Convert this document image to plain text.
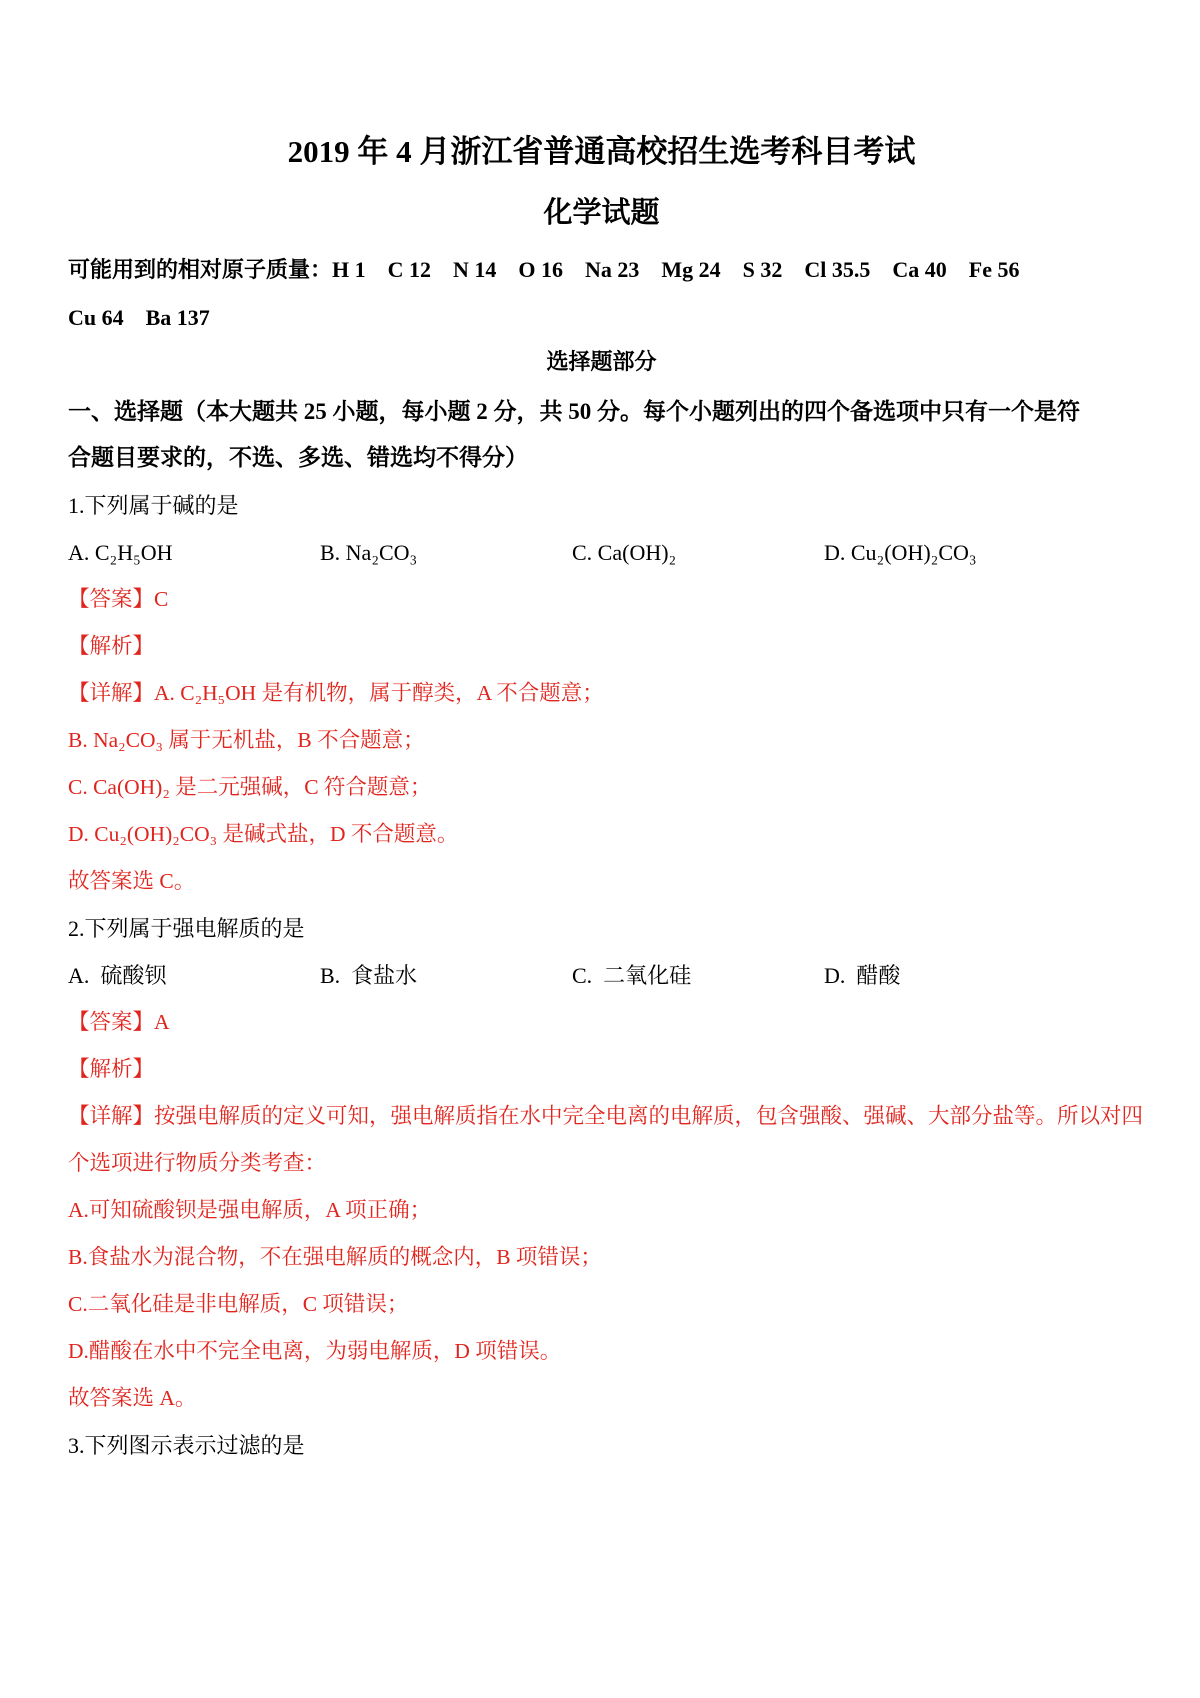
2019 年 4 月浙江省普通高校招生选考科目考试
化学试题
可能用到的相对原子质量：H 1    C 12    N 14    O 16    Na 23    Mg 24    S 32    Cl 35.5    Ca 40    Fe 56
Cu 64    Ba 137
选择题部分
一、选择题（本大题共 25 小题，每小题 2 分，共 50 分。每个小题列出的四个备选项中只有一个是符
合题目要求的，不选、多选、错选均不得分）
1.下列属于碱的是
A. C₂H₅OH	B. Na₂CO₃	C. Ca(OH)₂	D. Cu₂(OH)₂CO₃
【答案】C
【解析】
【详解】A. C₂H₅OH 是有机物，属于醇类，A 不合题意；
B. Na₂CO₃ 属于无机盐，B 不合题意；
C. Ca(OH)₂ 是二元强碱，C 符合题意；
D. Cu₂(OH)₂CO₃ 是碱式盐，D 不合题意。
故答案选 C。
2.下列属于强电解质的是
A.  硫酸钡	B.  食盐水	C.  二氧化硅	D.  醋酸
【答案】A
【解析】
【详解】按强电解质的定义可知，强电解质指在水中完全电离的电解质，包含强酸、强碱、大部分盐等。所以对四
个选项进行物质分类考查：
A.可知硫酸钡是强电解质，A 项正确；
B.食盐水为混合物，不在强电解质的概念内，B 项错误；
C.二氧化硅是非电解质，C 项错误；
D.醋酸在水中不完全电离，为弱电解质，D 项错误。
故答案选 A。
3.下列图示表示过滤的是
